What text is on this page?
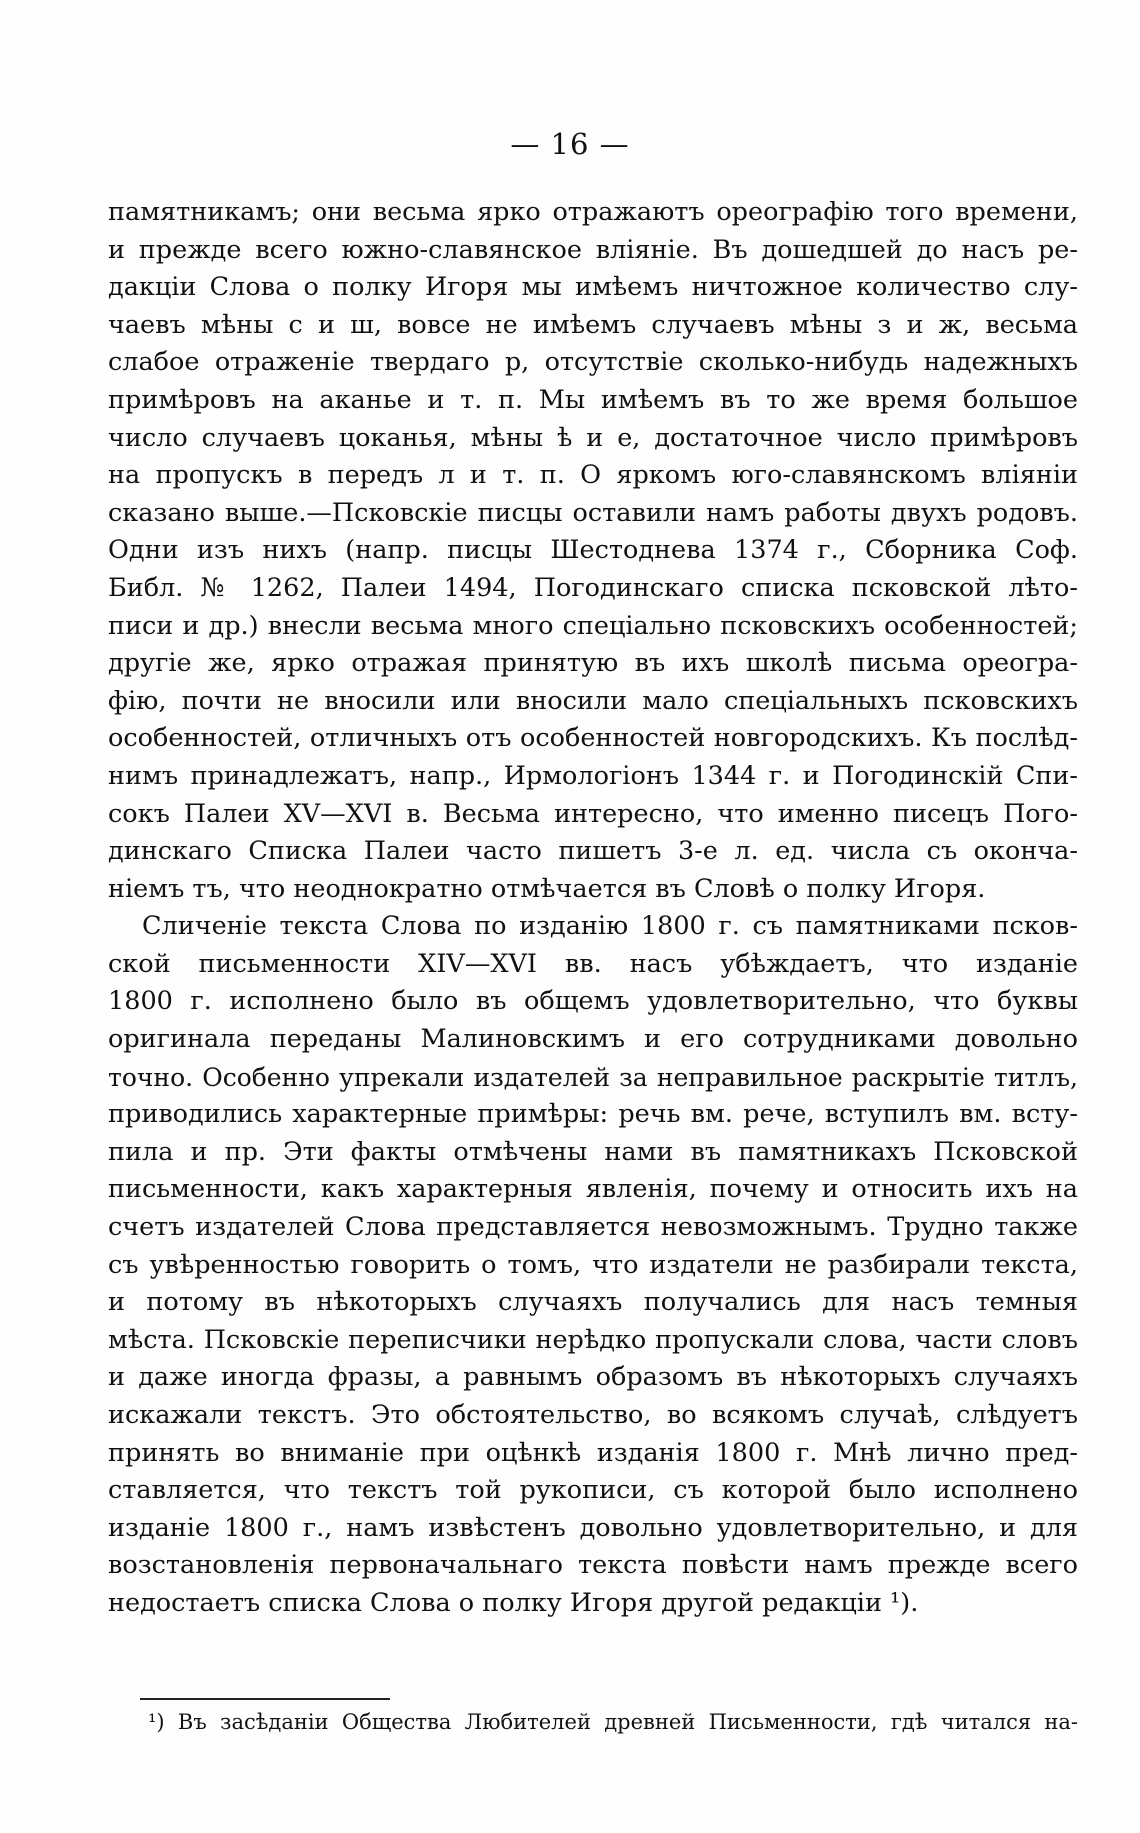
— 16 —
памятникамъ; они весьма ярко отражаютъ ореографію того времени,
и прежде всего южно-славянское вліяніе. Въ дошедшей до насъ ре-
дакціи Слова о полку Игоря мы имѣемъ ничтожное количество слу-
чаевъ мѣны с и ш, вовсе не имѣемъ случаевъ мѣны з и ж, весьма
слабое отраженіе твердаго р, отсутствіе сколько-нибудь надежныхъ
примѣровъ на аканье и т. п. Мы имѣемъ въ то же время большое
число случаевъ цоканья, мѣны ѣ и е, достаточное число примѣровъ
на пропускъ в передъ л и т. п. О яркомъ юго-славянскомъ вліяніи
сказано выше.—Псковскіе писцы оставили намъ работы двухъ родовъ.
Одни изъ нихъ (напр. писцы Шестоднева 1374 г., Сборника Соф.
Библ. № 1262, Палеи 1494, Погодинскаго списка псковской лѣто-
писи и др.) внесли весьма много спеціально псковскихъ особенностей;
другіе же, ярко отражая принятую въ ихъ школѣ письма ореогра-
фію, почти не вносили или вносили мало спеціальныхъ псковскихъ
особенностей, отличныхъ отъ особенностей новгородскихъ. Къ послѣд-
нимъ принадлежатъ, напр., Ирмологіонъ 1344 г. и Погодинскій Спи-
сокъ Палеи XV—XVI в. Весьма интересно, что именно писецъ Пого-
динскаго Списка Палеи часто пишетъ 3-е л. ед. числа съ оконча-
ніемъ тъ, что неоднократно отмѣчается въ Словѣ о полку Игоря.
Сличеніе текста Слова по изданію 1800 г. съ памятниками псков-
ской письменности XIV—XVI вв. насъ убѣждаетъ, что изданіе
1800 г. исполнено было въ общемъ удовлетворительно, что буквы
оригинала переданы Малиновскимъ и его сотрудниками довольно
точно. Особенно упрекали издателей за неправильное раскрытіе титлъ,
приводились характерные примѣры: речь вм. рече, вступилъ вм. всту-
пила и пр. Эти факты отмѣчены нами въ памятникахъ Псковской
письменности, какъ характерныя явленія, почему и относить ихъ на
счетъ издателей Слова представляется невозможнымъ. Трудно также
съ увѣренностью говорить о томъ, что издатели не разбирали текста,
и потому въ нѣкоторыхъ случаяхъ получались для насъ темныя
мѣста. Псковскіе переписчики нерѣдко пропускали слова, части словъ
и даже иногда фразы, а равнымъ образомъ въ нѣкоторыхъ случаяхъ
искажали текстъ. Это обстоятельство, во всякомъ случаѣ, слѣдуетъ
принять во вниманіе при оцѣнкѣ изданія 1800 г. Мнѣ лично пред-
ставляется, что текстъ той рукописи, съ которой было исполнено
изданіе 1800 г., намъ извѣстенъ довольно удовлетворительно, и для
возстановленія первоначальнаго текста повѣсти намъ прежде всего
недостаетъ списка Слова о полку Игоря другой редакціи ¹).
¹) Въ засѣданіи Общества Любителей древней Письменности, гдѣ читался на-
